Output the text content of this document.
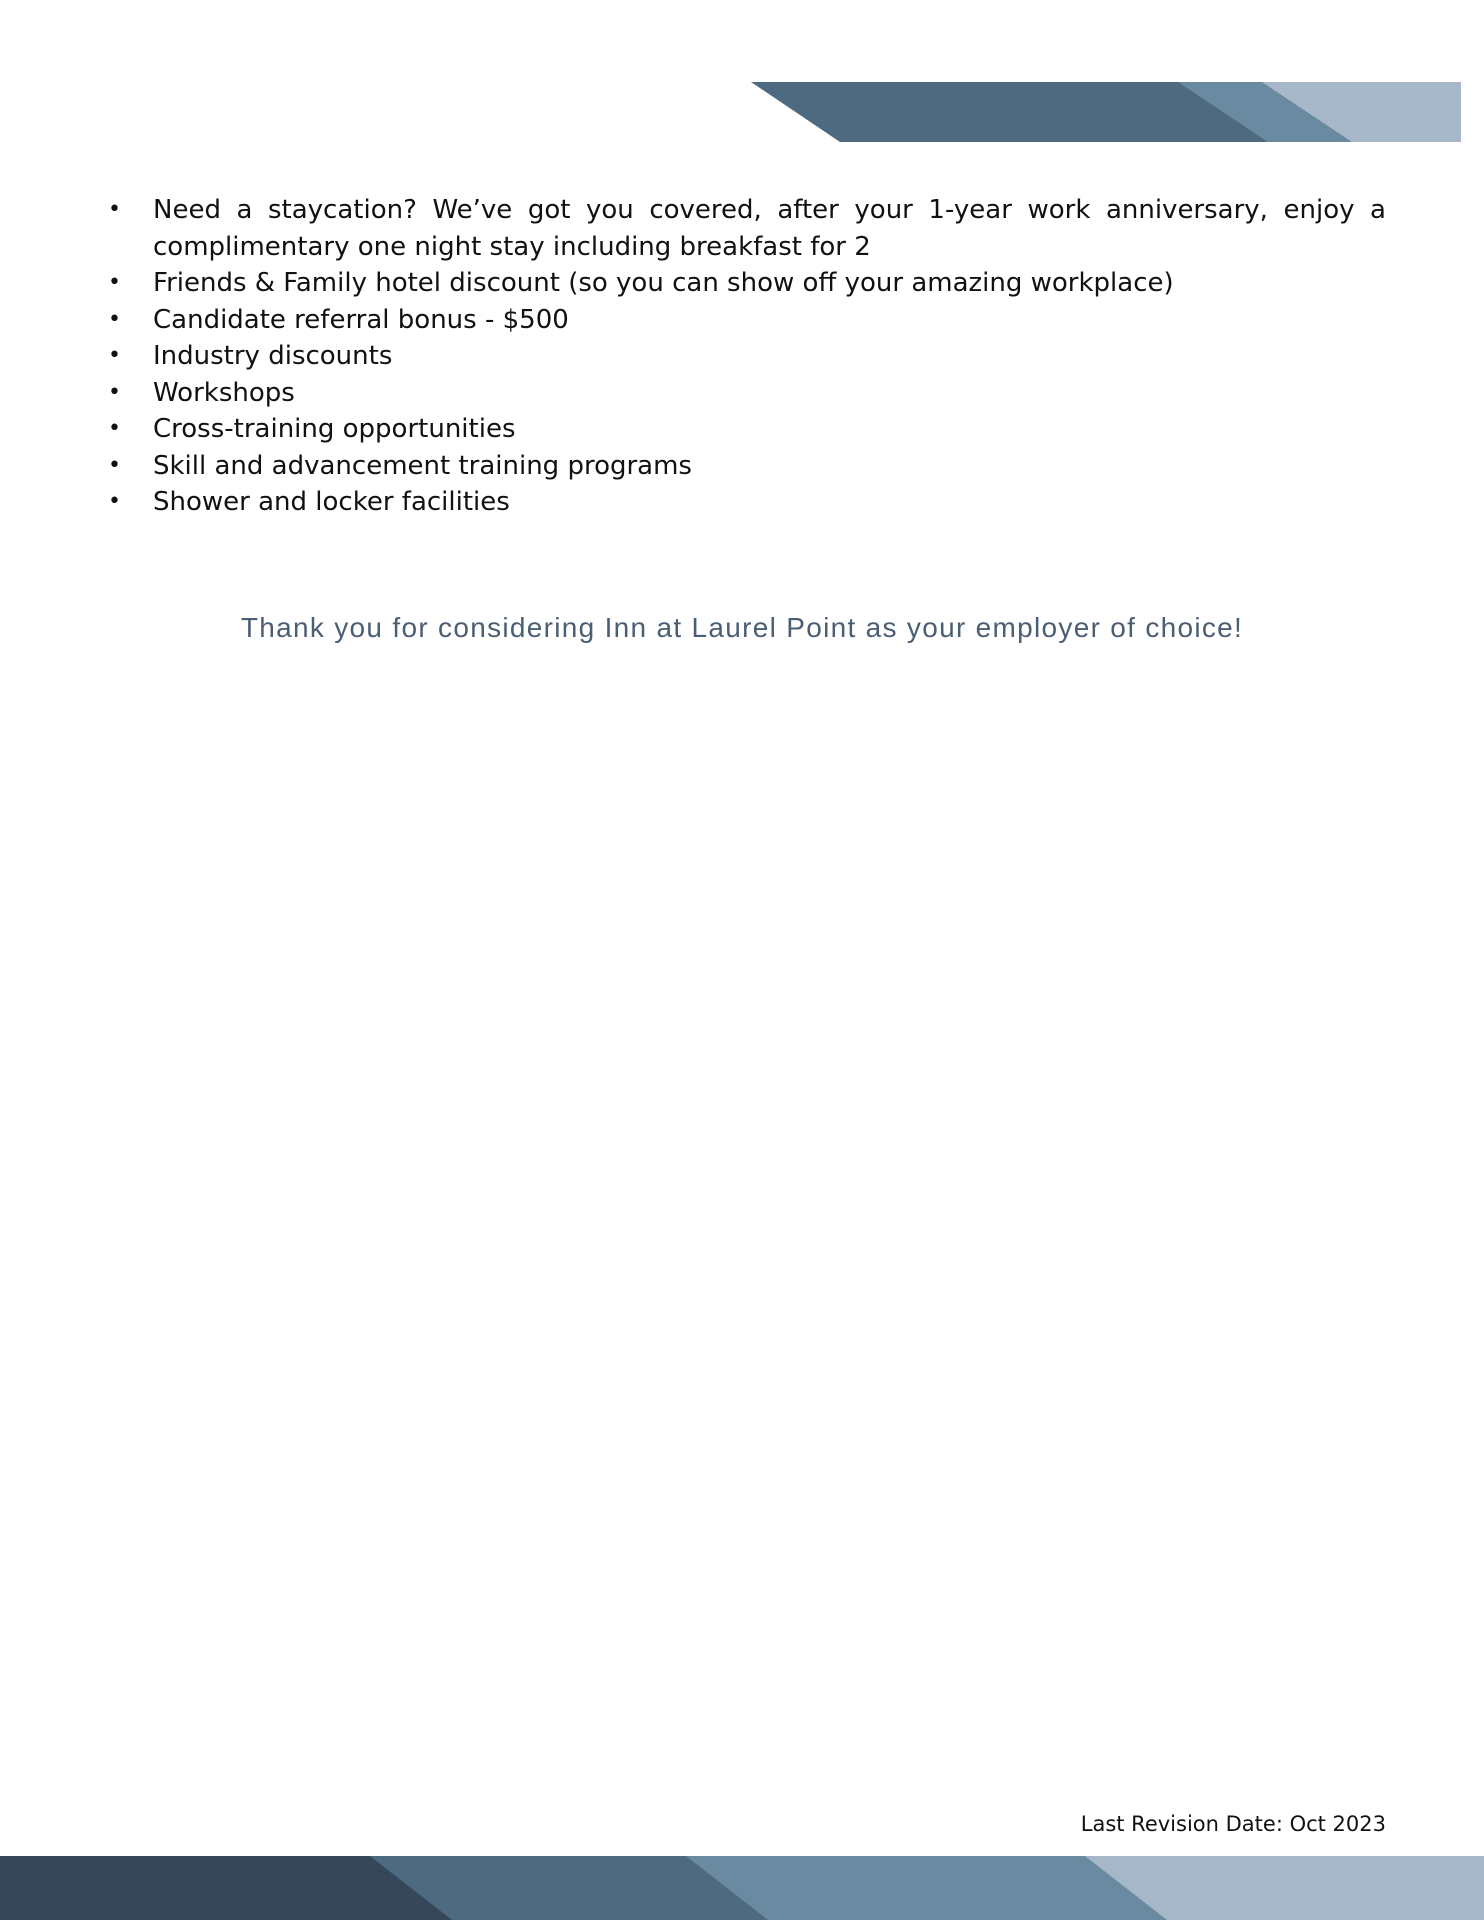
• Need a staycation? We’ve got you covered, after your 1-year work anniversary, enjoy a complimentary one night stay including breakfast for 2
• Friends & Family hotel discount (so you can show off your amazing workplace)
• Candidate referral bonus - $500
• Industry discounts
• Workshops
• Cross-training opportunities
• Skill and advancement training programs
• Shower and locker facilities
Thank you for considering Inn at Laurel Point as your employer of choice!
Last Revision Date: Oct 2023
